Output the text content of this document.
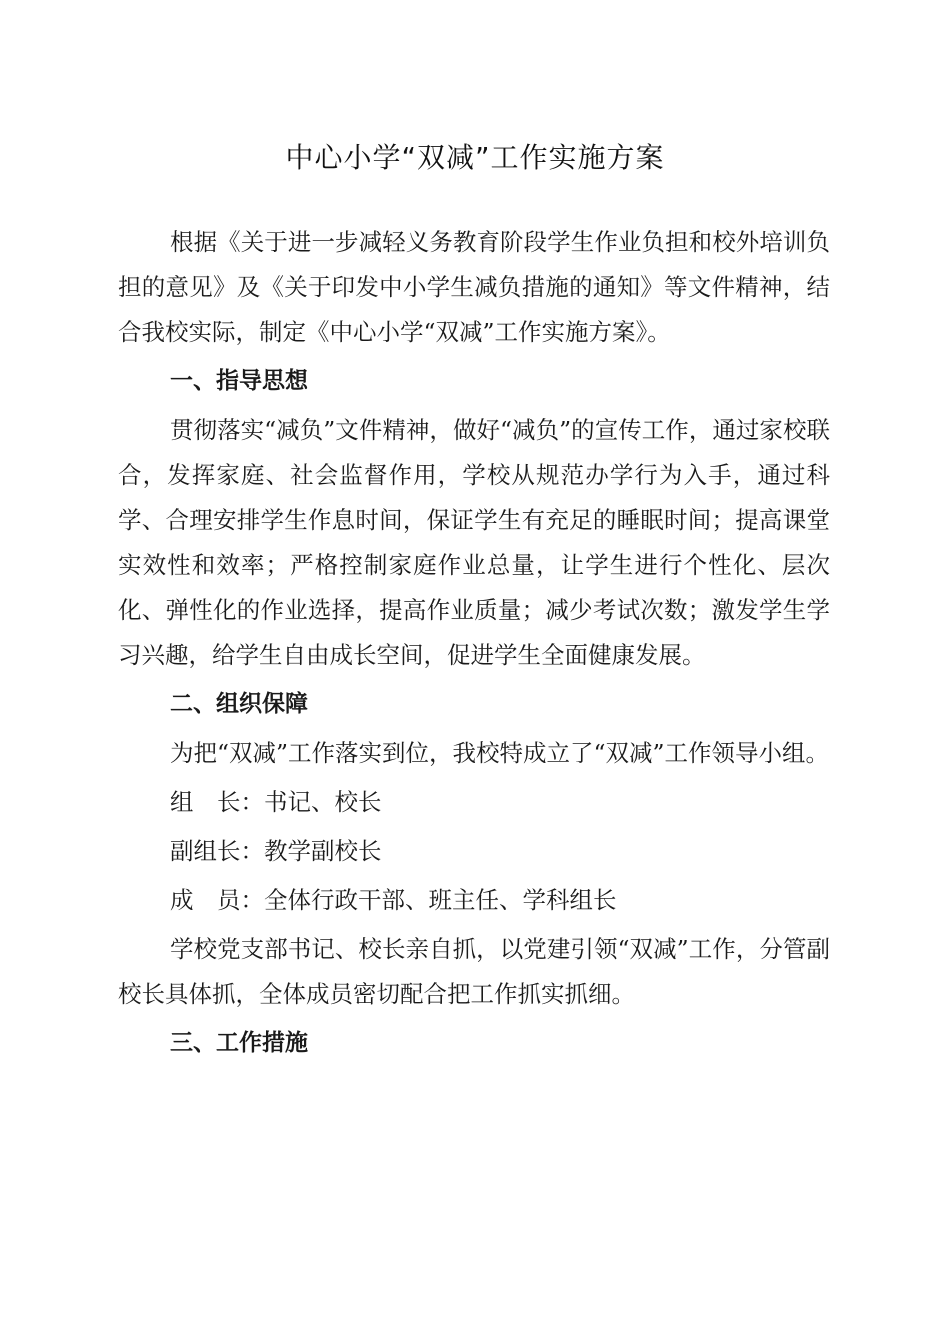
中心小学“双减”工作实施方案

根据《关于进一步减轻义务教育阶段学生作业负担和校外培训负担的意见》及《关于印发中小学生减负措施的通知》等文件精神，结合我校实际，制定《中心小学“双减”工作实施方案》。

一、指导思想

贯彻落实“减负”文件精神，做好“减负”的宣传工作，通过家校联合，发挥家庭、社会监督作用，学校从规范办学行为入手，通过科学、合理安排学生作息时间，保证学生有充足的睡眠时间；提高课堂实效性和效率；严格控制家庭作业总量，让学生进行个性化、层次化、弹性化的作业选择，提高作业质量；减少考试次数；激发学生学习兴趣，给学生自由成长空间，促进学生全面健康发展。

二、组织保障

为把“双减”工作落实到位，我校特成立了“双减”工作领导小组。

组　长：书记、校长

副组长：教学副校长

成　员：全体行政干部、班主任、学科组长

学校党支部书记、校长亲自抓，以党建引领“双减”工作，分管副校长具体抓，全体成员密切配合把工作抓实抓细。

三、工作措施
